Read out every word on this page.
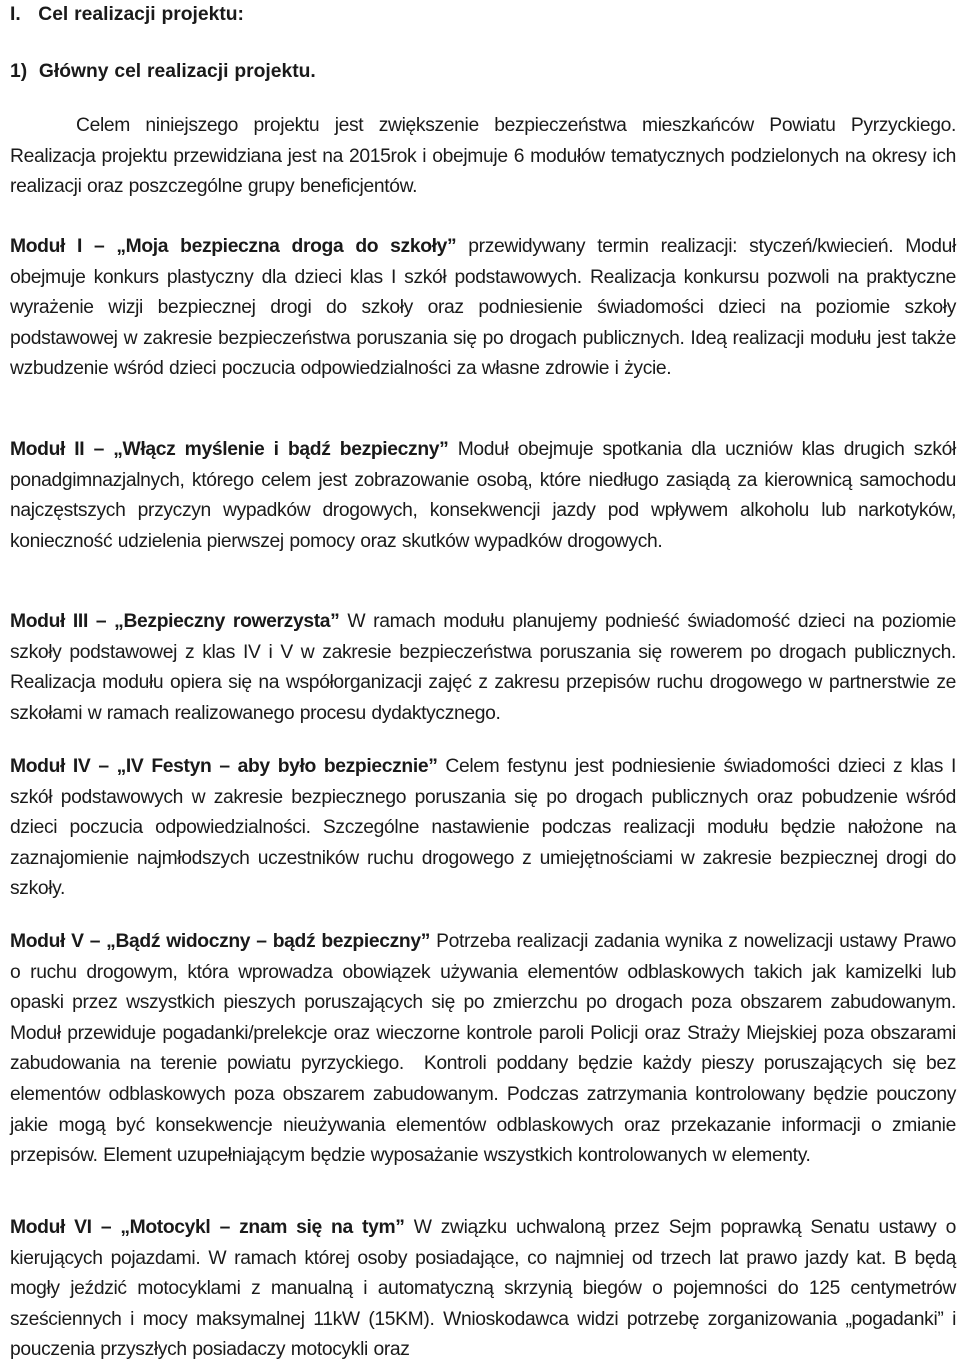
I.   Cel realizacji projektu:
1)  Główny cel realizacji projektu.

Celem niniejszego projektu jest zwiększenie bezpieczeństwa mieszkańców Powiatu Pyrzyckiego. Realizacja projektu przewidziana jest na 2015rok i obejmuje 6 modułów tematycznych podzielonych na okresy ich realizacji oraz poszczególne grupy beneficjentów.

Moduł I – „Moja bezpieczna droga do szkoły” przewidywany termin realizacji: styczeń/kwiecień. Moduł obejmuje konkurs plastyczny dla dzieci klas I szkół podstawowych. Realizacja konkursu pozwoli na praktyczne wyrażenie wizji bezpiecznej drogi do szkoły oraz podniesienie świadomości dzieci na poziomie szkoły podstawowej w zakresie bezpieczeństwa poruszania się po drogach publicznych. Ideą realizacji modułu jest także wzbudzenie wśród dzieci poczucia odpowiedzialności za własne zdrowie i życie.

Moduł II – „Włącz myślenie i bądź bezpieczny” Moduł obejmuje spotkania dla uczniów klas drugich szkół ponadgimnazjalnych, którego celem jest zobrazowanie osobą, które niedługo zasiądą za kierownicą samochodu najczęstszych przyczyn wypadków drogowych, konsekwencji jazdy pod wpływem alkoholu lub narkotyków, konieczność udzielenia pierwszej pomocy oraz skutków wypadków drogowych.

Moduł III – „Bezpieczny rowerzysta” W ramach modułu planujemy podnieść świadomość dzieci na poziomie szkoły podstawowej z klas IV i V w zakresie bezpieczeństwa poruszania się rowerem po drogach publicznych. Realizacja modułu opiera się na współorganizacji zajęć z zakresu przepisów ruchu drogowego w partnerstwie ze szkołami w ramach realizowanego procesu dydaktycznego.

Moduł IV – „IV Festyn – aby było bezpiecznie” Celem festynu jest podniesienie świadomości dzieci z klas I szkół podstawowych w zakresie bezpiecznego poruszania się po drogach publicznych oraz pobudzenie wśród dzieci poczucia odpowiedzialności. Szczególne nastawienie podczas realizacji modułu będzie nałożone na zaznajomienie najmłodszych uczestników ruchu drogowego z umiejętnościami w zakresie bezpiecznej drogi do szkoły.

Moduł V – „Bądź widoczny – bądź bezpieczny” Potrzeba realizacji zadania wynika z nowelizacji ustawy Prawo o ruchu drogowym, która wprowadza obowiązek używania elementów odblaskowych takich jak kamizelki lub opaski przez wszystkich pieszych poruszających się po zmierzchu po drogach poza obszarem zabudowanym. Moduł przewiduje pogadanki/prelekcje oraz wieczorne kontrole paroli Policji oraz Straży Miejskiej poza obszarami zabudowania na terenie powiatu pyrzyckiego.  Kontroli poddany będzie każdy pieszy poruszających się bez elementów odblaskowych poza obszarem zabudowanym. Podczas zatrzymania kontrolowany będzie pouczony jakie mogą być konsekwencje nieużywania elementów odblaskowych oraz przekazanie informacji o zmianie przepisów. Element uzupełniającym będzie wyposażanie wszystkich kontrolowanych w elementy.

Moduł VI – „Motocykl – znam się na tym” W związku uchwaloną przez Sejm poprawką Senatu ustawy o kierujących pojazdami. W ramach której osoby posiadające, co najmniej od trzech lat prawo jazdy kat. B będą mogły jeździć motocyklami z manualną i automatyczną skrzynią biegów o pojemności do 125 centymetrów sześciennych i mocy maksymalnej 11kW (15KM). Wnioskodawca widzi potrzebę zorganizowania „pogadanki” i pouczenia przyszłych posiadaczy motocykli oraz
